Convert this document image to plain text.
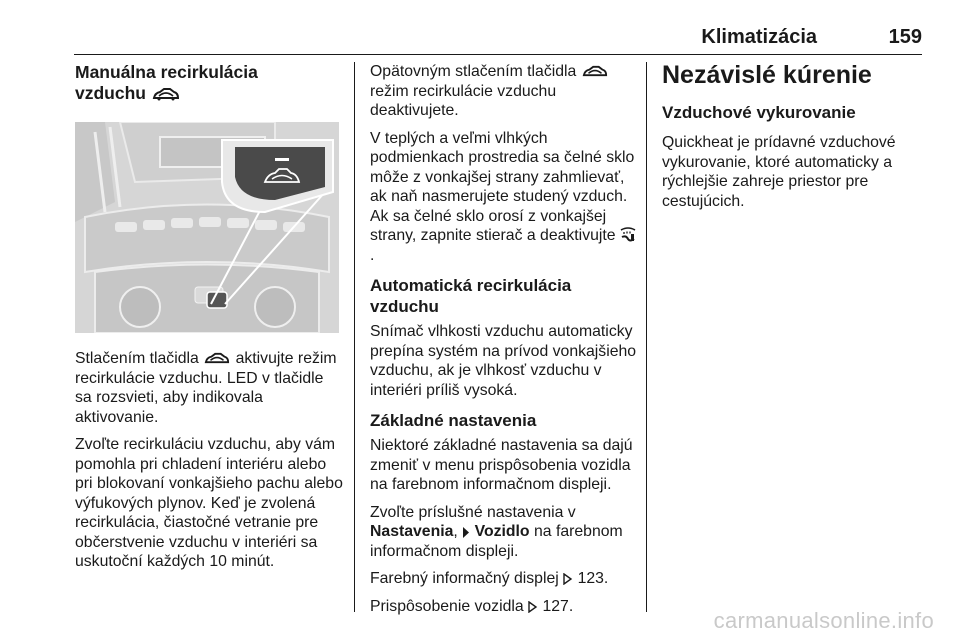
Klimatizácia	159
Manuálna recirkulácia
vzduchu

Stlačením tlačidla aktivujte režim recirkulácie vzduchu. LED v tlačidle sa rozsvieti, aby indikovala aktivovanie.

Zvoľte recirkuláciu vzduchu, aby vám pomohla pri chladení interiéru alebo pri blokovaní vonkajšieho pachu alebo výfukových plynov. Keď je zvolená recirkulácia, čiastočné vetranie pre občerstvenie vzduchu v interiéri sa uskutoční každých 10 minút.

Opätovným stlačením tlačidla  režim recirkulácie vzduchu deaktivujete.

V teplých a veľmi vlhkých podmienkach prostredia sa čelné sklo môže z vonkajšej strany zahmlievať, ak naň nasmerujete studený vzduch. Ak sa čelné sklo orosí z vonkajšej strany, zapnite stierač a deaktivujte .

Automatická recirkulácia vzduchu

Snímač vlhkosti vzduchu automaticky prepína systém na prívod vonkajšieho vzduchu, ak je vlhkosť vzduchu v interiéri príliš vysoká.

Základné nastavenia

Niektoré základné nastavenia sa dajú zmeniť v menu prispôsobenia vozidla na farebnom informačnom displeji.

Zvoľte príslušné nastavenia v
Nastavenia,  Vozidlo na farebnom informačnom displeji.

Farebný informačný displej 123.

Prispôsobenie vozidla 127.

Nezávislé kúrenie
Vzduchové vykurovanie

Quickheat je prídavné vzduchové vykurovanie, ktoré automaticky a rýchlejšie zahreje priestor pre cestujúcich.

carmanualsonline.info
